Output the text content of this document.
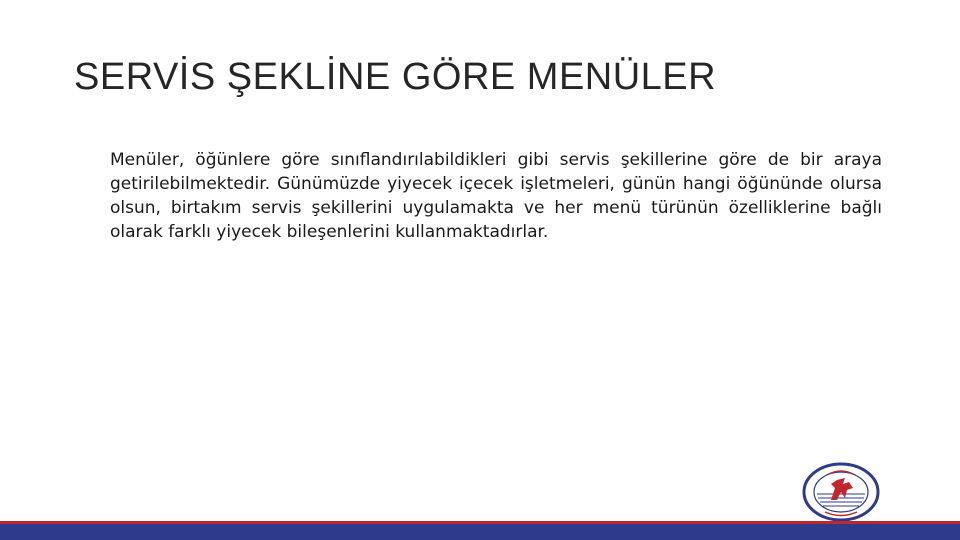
SERVİS ŞEKLİNE GÖRE MENÜLER

Menüler, öğünlere göre sınıflandırılabildikleri gibi servis şekillerine göre de bir araya getirilebilmektedir. Günümüzde yiyecek içecek işletmeleri, günün hangi öğününde olursa olsun, birtakım servis şekillerini uygulamakta ve her menü türünün özelliklerine bağlı olarak farklı yiyecek bileşenlerini kullanmaktadırlar.
